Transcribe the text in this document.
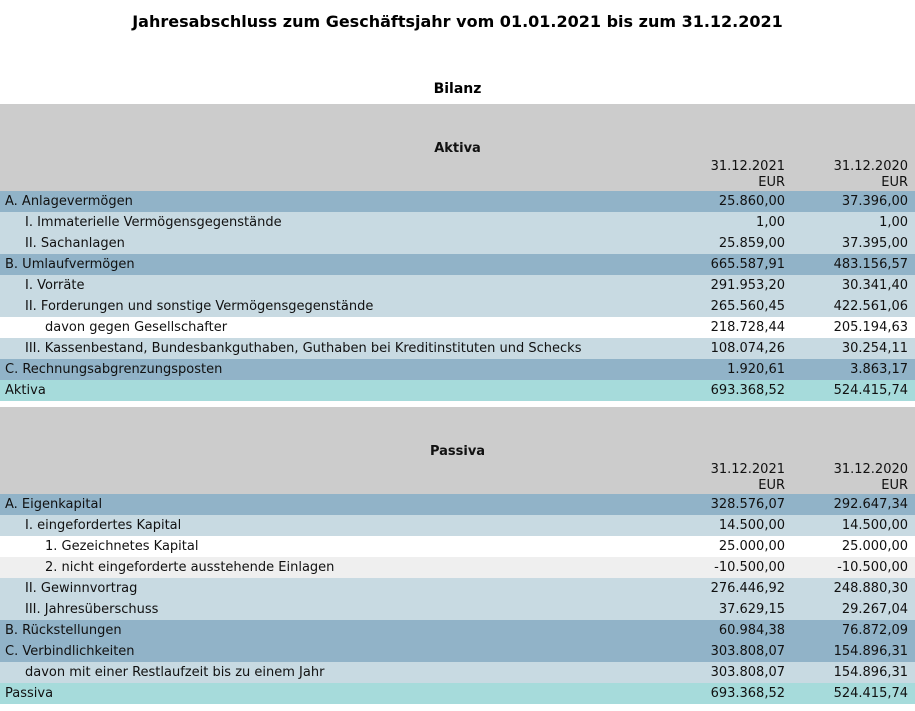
Jahresabschluss zum Geschäftsjahr vom 01.01.2021 bis zum 31.12.2021
Bilanz

Aktiva		
	31.12.2021	31.12.2020
	EUR	EUR
A. Anlagevermögen	25.860,00	37.396,00
I. Immaterielle Vermögensgegenstände	1,00	1,00
II. Sachanlagen	25.859,00	37.395,00
B. Umlaufvermögen	665.587,91	483.156,57
I. Vorräte	291.953,20	30.341,40
II. Forderungen und sonstige Vermögensgegenstände	265.560,45	422.561,06
davon gegen Gesellschafter	218.728,44	205.194,63
III. Kassenbestand, Bundesbankguthaben, Guthaben bei Kreditinstituten und Schecks	108.074,26	30.254,11
C. Rechnungsabgrenzungsposten	1.920,61	3.863,17
Aktiva	693.368,52	524.415,74

Passiva		
	31.12.2021	31.12.2020
	EUR	EUR
A. Eigenkapital	328.576,07	292.647,34
I. eingefordertes Kapital	14.500,00	14.500,00
1. Gezeichnetes Kapital	25.000,00	25.000,00
2. nicht eingeforderte ausstehende Einlagen	-10.500,00	-10.500,00
II. Gewinnvortrag	276.446,92	248.880,30
III. Jahresüberschuss	37.629,15	29.267,04
B. Rückstellungen	60.984,38	76.872,09
C. Verbindlichkeiten	303.808,07	154.896,31
davon mit einer Restlaufzeit bis zu einem Jahr	303.808,07	154.896,31
Passiva	693.368,52	524.415,74
